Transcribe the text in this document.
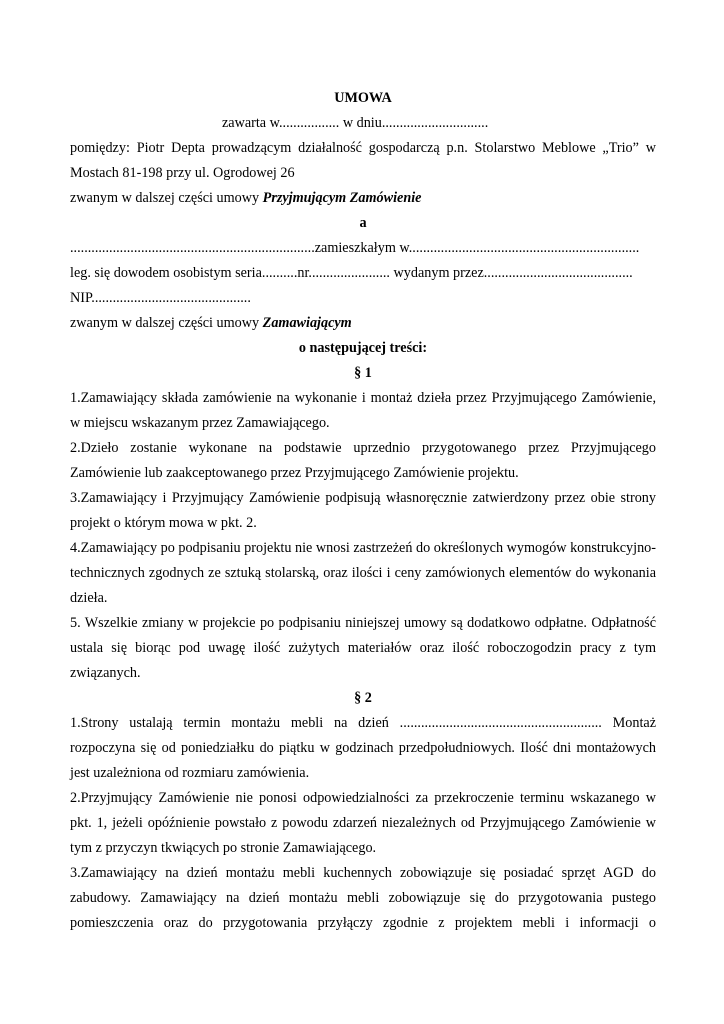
UMOWA

zawarta w................. w dniu..............................

pomiędzy: Piotr Depta prowadzącym działalność gospodarczą p.n. Stolarstwo Meblowe „Trio” w

Mostach 81-198 przy ul. Ogrodowej 26

zwanym w dalszej części umowy Przyjmującym Zamówienie

a

.....................................................................zamieszkałym w.................................................................

leg. się dowodem osobistym seria..........nr....................... wydanym przez..........................................

NIP.............................................

zwanym w dalszej części umowy Zamawiającym

o następującej treści:

§ 1

1.Zamawiający składa zamówienie na wykonanie i montaż dzieła przez Przyjmującego Zamówienie, w miejscu wskazanym przez Zamawiającego.

2.Dzieło zostanie wykonane na podstawie uprzednio przygotowanego przez Przyjmującego Zamówienie lub zaakceptowanego przez Przyjmującego Zamówienie projektu.

3.Zamawiający i Przyjmujący Zamówienie podpisują własnoręcznie zatwierdzony przez obie strony projekt o którym mowa w pkt. 2.

4.Zamawiający po podpisaniu projektu nie wnosi zastrzeżeń do określonych wymogów konstrukcyjno-technicznych zgodnych ze sztuką stolarską, oraz ilości i ceny zamówionych elementów do wykonania dzieła.

5. Wszelkie zmiany w projekcie po podpisaniu niniejszej umowy są dodatkowo odpłatne. Odpłatność ustala się biorąc pod uwagę ilość zużytych materiałów oraz ilość roboczogodzin pracy z tym związanych.

§ 2

1.Strony ustalają termin montażu mebli na dzień ......................................................... Montaż rozpoczyna się od poniedziałku do piątku w godzinach przedpołudniowych. Ilość dni montażowych jest uzależniona od rozmiaru zamówienia.

2.Przyjmujący Zamówienie nie ponosi odpowiedzialności za przekroczenie terminu wskazanego w pkt. 1, jeżeli opóźnienie powstało z powodu zdarzeń niezależnych od Przyjmującego Zamówienie w tym z przyczyn tkwiących po stronie Zamawiającego.

3.Zamawiający na dzień montażu mebli kuchennych zobowiązuje się posiadać sprzęt AGD do zabudowy. Zamawiający na dzień montażu mebli zobowiązuje się do przygotowania pustego pomieszczenia oraz do przygotowania przyłączy zgodnie z projektem mebli i informacji o
